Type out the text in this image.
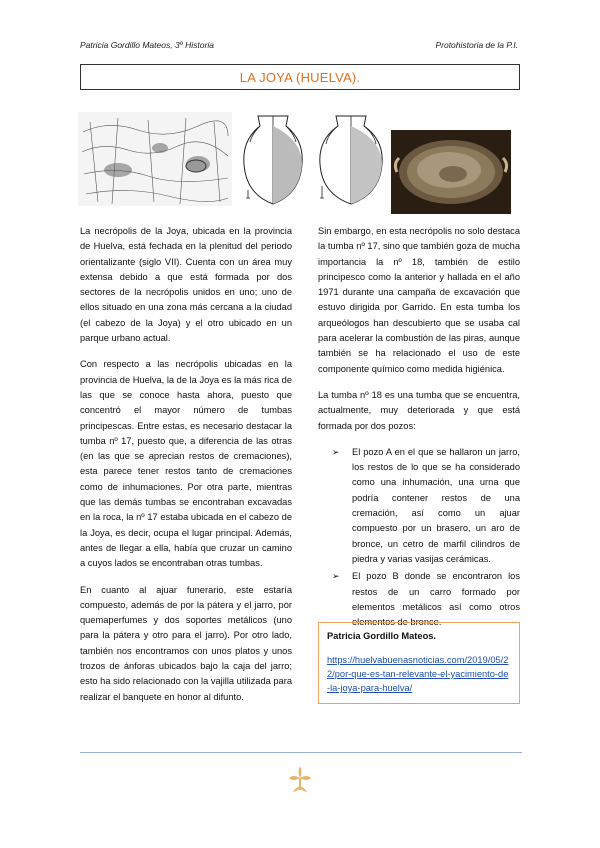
Patricia Gordillo Mateos, 3º Historia	Protohistoria de la P.I.
LA JOYA (HUELVA).

La necrópolis de la Joya, ubicada en la provincia de Huelva, está fechada en la plenitud del periodo orientalizante (siglo VII). Cuenta con un área muy extensa debido a que está formada por dos sectores de la necrópolis unidos en uno; uno de ellos situado en una zona más cercana a la ciudad (el cabezo de la Joya) y el otro ubicado en un parque urbano actual.

Con respecto a las necrópolis ubicadas en la provincia de Huelva, la de la Joya es la más rica de las que se conoce hasta ahora, puesto que concentró el mayor número de tumbas principescas. Entre estas, es necesario destacar la tumba nº 17, puesto que, a diferencia de las otras (en las que se aprecian restos de cremaciones), esta parece tener restos tanto de cremaciones como de inhumaciones. Por otra parte, mientras que las demás tumbas se encontraban excavadas en la roca, la nº 17 estaba ubicada en el cabezo de la Joya, es decir, ocupa el lugar principal. Además, antes de llegar a ella, había que cruzar un camino a cuyos lados se encontraban otras tumbas.

En cuanto al ajuar funerario, este estaría compuesto, además de por la pátera y el jarro, por quemaperfumes y dos soportes metálicos (uno para la pátera y otro para el jarro). Por otro lado, también nos encontramos con unos platos y unos trozos de ánforas ubicados bajo la caja del jarro; esto ha sido relacionado con la vajilla utilizada para realizar el banquete en honor al difunto.

Sin embargo, en esta necrópolis no solo destaca la tumba nº 17, sino que también goza de mucha importancia la nº 18, también de estilo principesco como la anterior y hallada en el año 1971 durante una campaña de excavación que estuvo dirigida por Garrido. En esta tumba los arqueólogos han descubierto que se usaba cal para acelerar la combustión de las piras, aunque también se ha relacionado el uso de este componente químico como medida higiénica.

La tumba nº 18 es una tumba que se encuentra, actualmente, muy deteriorada y que está formada por dos pozos:

➢ El pozo A en el que se hallaron un jarro, los restos de lo que se ha considerado como una inhumación, una urna que podría contener restos de una cremación, así como un ajuar compuesto por un brasero, un aro de bronce, un cetro de marfil cilindros de piedra y varias vasijas cerámicas.
➢ El pozo B donde se encontraron los restos de un carro formado por elementos metálicos así como otros elementos de bronce.
Patricia Gordillo Mateos.
https://huelvabuenasnoticias.com/2019/05/22/por-que-es-tan-relevante-el-yacimiento-de-la-joya-para-huelva/
